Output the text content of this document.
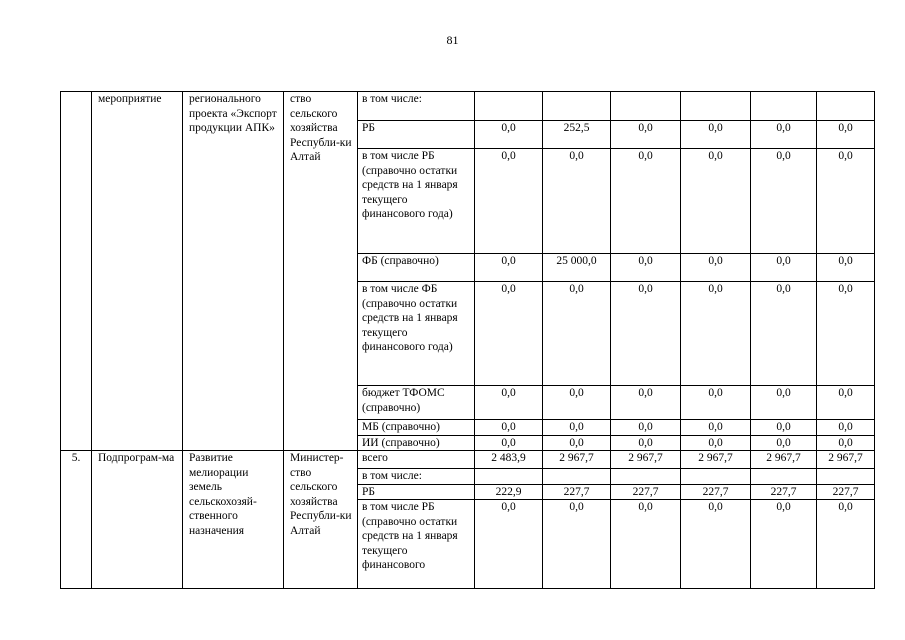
81
	мероприятие	регионального проекта «Экспорт продукции АПК»	ство сельского хозяйства Республи-ки Алтай	в том числе:						
				РБ	0,0	252,5	0,0	0,0	0,0	0,0
				в том числе РБ (справочно остатки средств на 1 января текущего финансового года)	0,0	0,0	0,0	0,0	0,0	0,0
				ФБ (справочно)	0,0	25 000,0	0,0	0,0	0,0	0,0
				в том числе ФБ (справочно остатки средств на 1 января текущего финансового года)	0,0	0,0	0,0	0,0	0,0	0,0
				бюджет ТФОМС (справочно)	0,0	0,0	0,0	0,0	0,0	0,0
				МБ (справочно)	0,0	0,0	0,0	0,0	0,0	0,0
				ИИ (справочно)	0,0	0,0	0,0	0,0	0,0	0,0
5.	Подпрограм-ма	Развитие мелиорации земель сельскохозяй-ственного назначения	Министер-ство сельского хозяйства Республи-ки Алтай	всего	2 483,9	2 967,7	2 967,7	2 967,7	2 967,7	2 967,7
				в том числе:						
				РБ	222,9	227,7	227,7	227,7	227,7	227,7
				в том числе РБ (справочно остатки средств на 1 января текущего финансового	0,0	0,0	0,0	0,0	0,0	0,0
